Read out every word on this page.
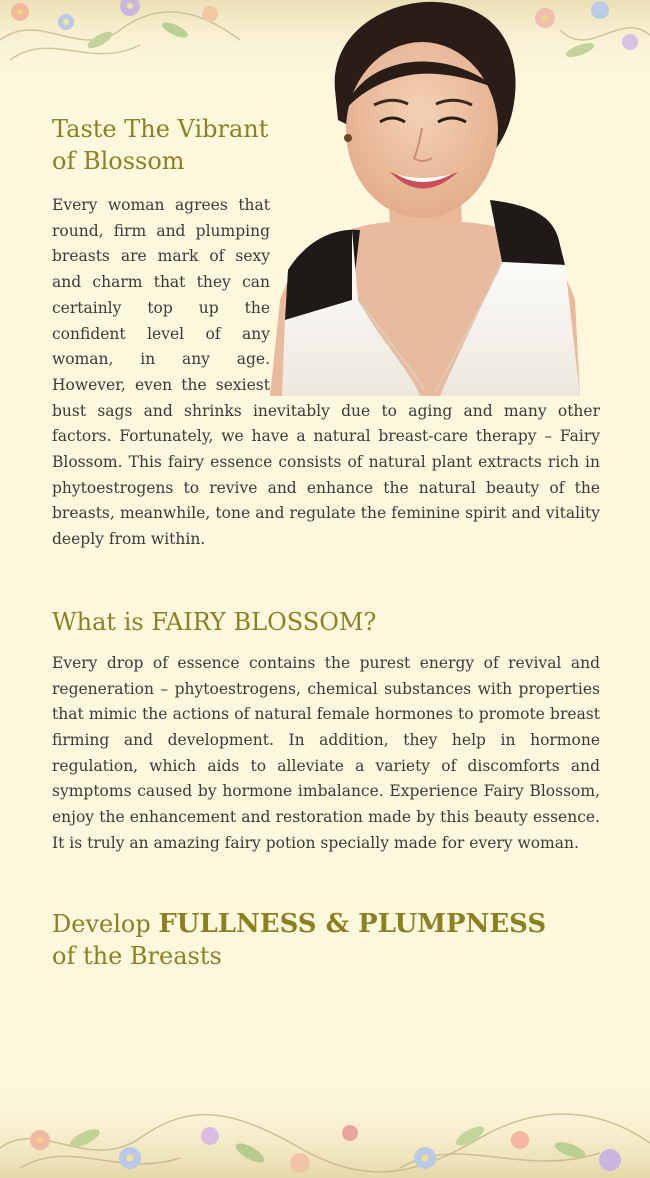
Taste The Vibrant
of Blossom

Every woman agrees that round, firm and plumping breasts are mark of sexy and charm that they can certainly top up the confident level of any woman, in any age. However, even the sexiest bust sags and shrinks inevitably due to aging and many other factors. Fortunately, we have a natural breast-care therapy – Fairy Blossom. This fairy essence consists of natural plant extracts rich in phytoestrogens to revive and enhance the natural beauty of the breasts, meanwhile, tone and regulate the feminine spirit and vitality deeply from within.

What is FAIRY BLOSSOM?

Every drop of essence contains the purest energy of revival and regeneration – phytoestrogens, chemical substances with properties that mimic the actions of natural female hormones to promote breast firming and development. In addition, they help in hormone regulation, which aids to alleviate a variety of discomforts and symptoms caused by hormone imbalance. Experience Fairy Blossom, enjoy the enhancement and restoration made by this beauty essence. It is truly an amazing fairy potion specially made for every woman.

Develop FULLNESS & PLUMPNESS
of the Breasts
